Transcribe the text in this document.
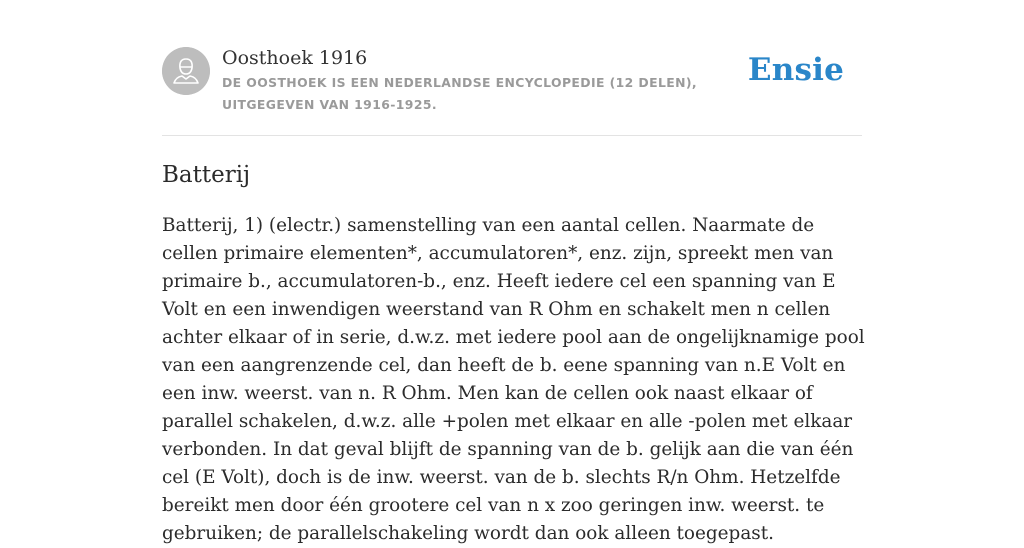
Oosthoek 1916
DE OOSTHOEK IS EEN NEDERLANDSE ENCYCLOPEDIE (12 DELEN), UITGEGEVEN VAN 1916-1925.
Ensie
Batterij

Batterij, 1) (electr.) samenstelling van een aantal cellen. Naarmate de cellen primaire elementen*, accumulatoren*, enz. zijn, spreekt men van primaire b., accumulatoren-b., enz. Heeft iedere cel een spanning van E Volt en een inwendigen weerstand van R Ohm en schakelt men n cellen achter elkaar of in serie, d.w.z. met iedere pool aan de ongelijknamige pool van een aangrenzende cel, dan heeft de b. eene spanning van n.E Volt en een inw. weerst. van n. R Ohm. Men kan de cellen ook naast elkaar of parallel schakelen, d.w.z. alle +polen met elkaar en alle -polen met elkaar verbonden. In dat geval blijft de spanning van de b. gelijk aan die van één cel (E Volt), doch is de inw. weerst. van de b. slechts R/n Ohm. Hetzelfde bereikt men door één grootere cel van n x zoo geringen inw. weerst. te gebruiken; de parallelschakeling wordt dan ook alleen toegepast.
